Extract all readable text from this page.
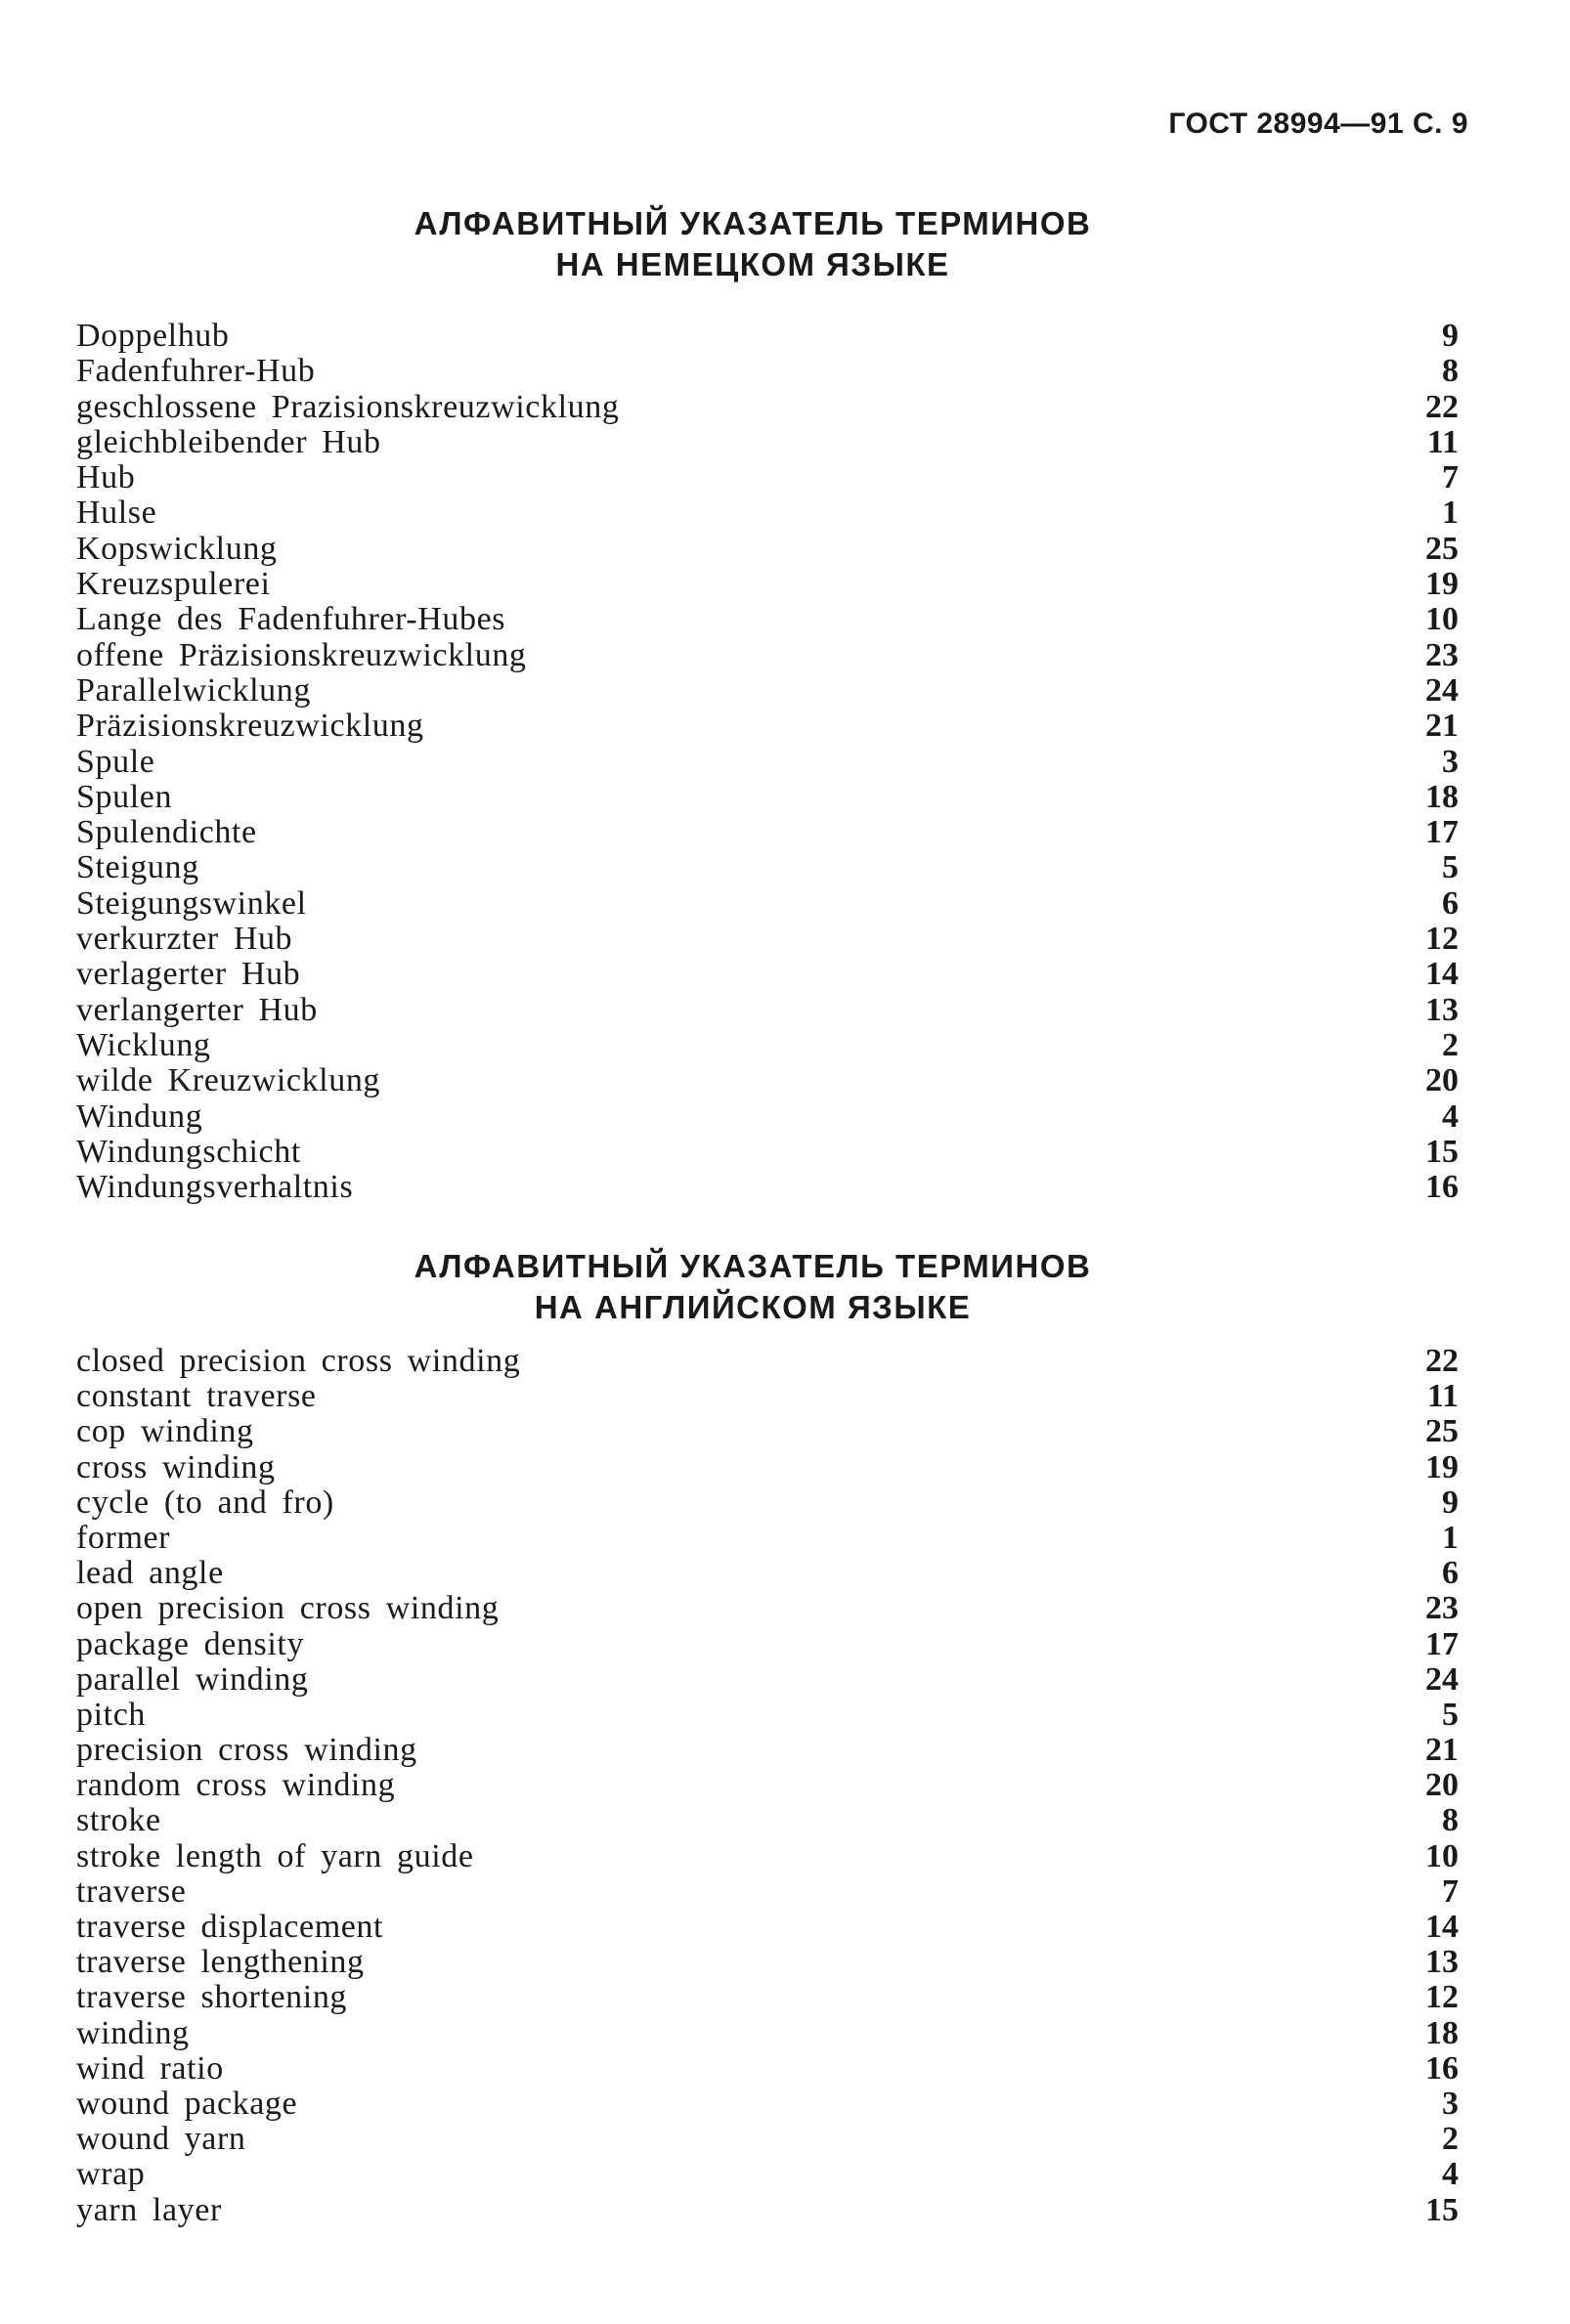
ГОСТ 28994—91 С. 9
АЛФАВИТНЫЙ УКАЗАТЕЛЬ ТЕРМИНОВ
НА НЕМЕЦКОМ ЯЗЫКЕ
Doppelhub	9
Fadenfuhrer-Hub	8
geschlossene Prazisionskreuzwicklung	22
gleichbleibender Hub	11
Hub	7
Hulse	1
Kopswicklung	25
Kreuzspulerei	19
Lange des Fadenfuhrer-Hubes	10
offene Präzisionskreuzwicklung	23
Parallelwicklung	24
Präzisionskreuzwicklung	21
Spule	3
Spulen	18
Spulendichte	17
Steigung	5
Steigungswinkel	6
verkurzter Hub	12
verlagerter Hub	14
verlangerter Hub	13
Wicklung	2
wilde Kreuzwicklung	20
Windung	4
Windungschicht	15
Windungsverhaltnis	16
АЛФАВИТНЫЙ УКАЗАТЕЛЬ ТЕРМИНОВ
НА АНГЛИЙСКОМ ЯЗЫКЕ
closed precision cross winding	22
constant traverse	11
cop winding	25
cross winding	19
cycle (to and fro)	9
former	1
lead angle	6
open precision cross winding	23
package density	17
parallel winding	24
pitch	5
precision cross winding	21
random cross winding	20
stroke	8
stroke length of yarn guide	10
traverse	7
traverse displacement	14
traverse lengthening	13
traverse shortening	12
winding	18
wind ratio	16
wound package	3
wound yarn	2
wrap	4
yarn layer	15
